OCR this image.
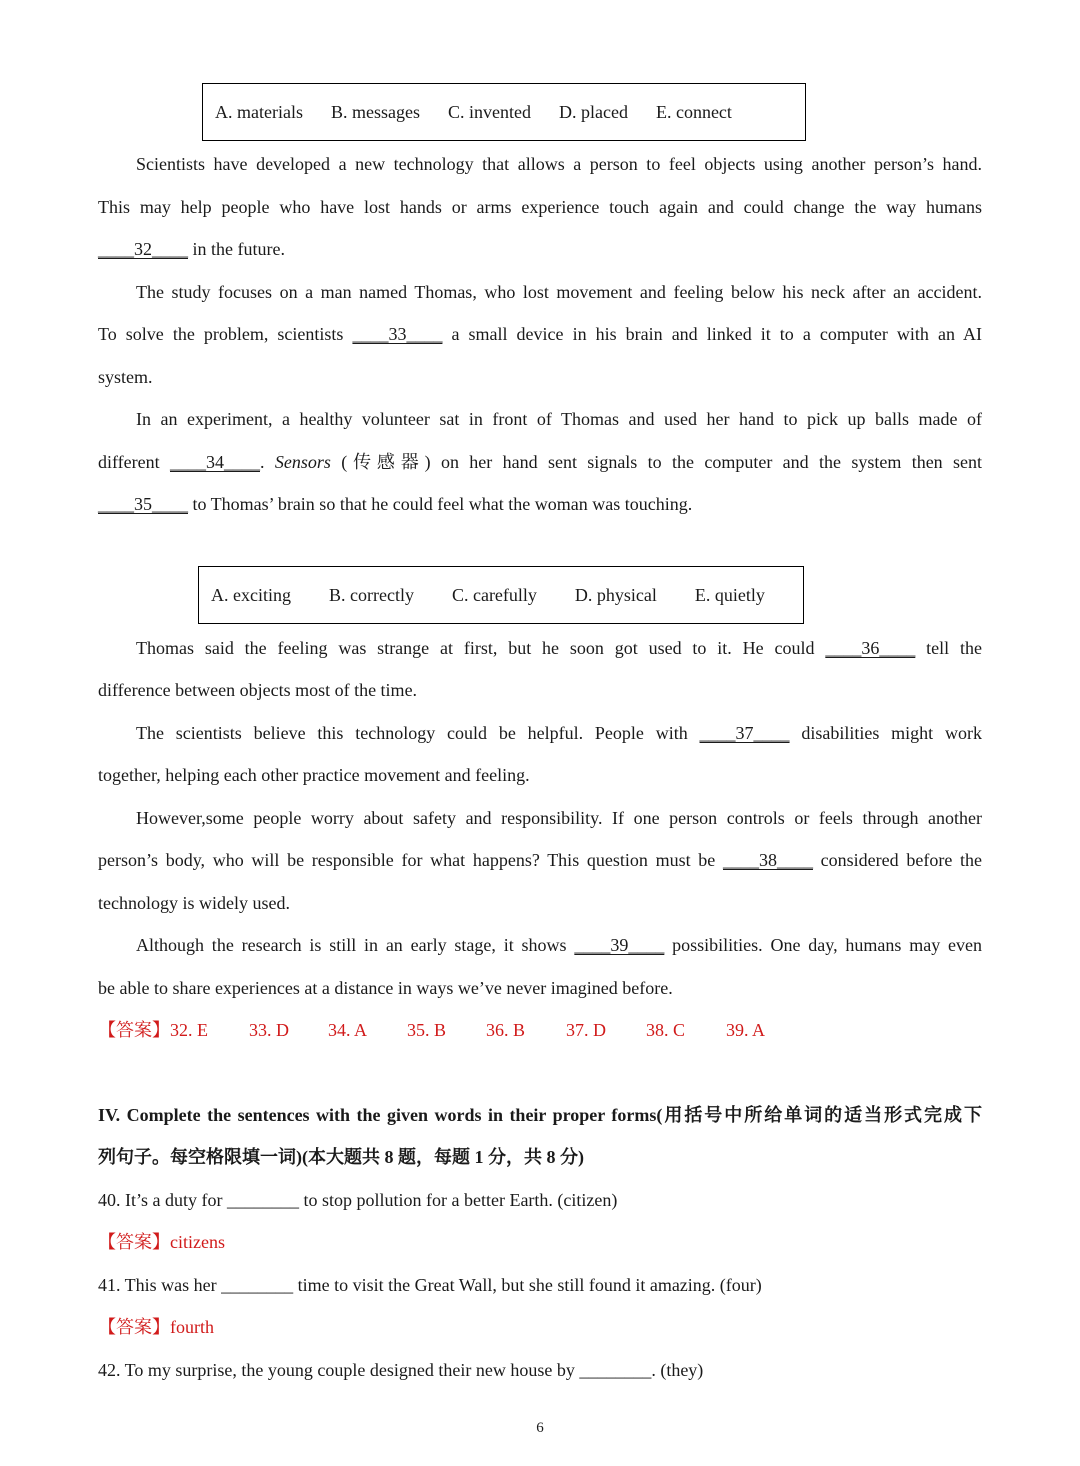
A. materials B. messages C. invented D. placed E. connect
Scientists have developed a new technology that allows a person to feel objects using another person’s hand.
This may help people who have lost hands or arms experience touch again and could change the way humans
____32____ in the future.
The study focuses on a man named Thomas, who lost movement and feeling below his neck after an accident.
To solve the problem, scientists ____33____ a small device in his brain and linked it to a computer with an AI
system.
In an experiment, a healthy volunteer sat in front of Thomas and used her hand to pick up balls made of
different ____34____. Sensors (传感器) on her hand sent signals to the computer and the system then sent
____35____ to Thomas’ brain so that he could feel what the woman was touching.
A. exciting B. correctly C. carefully D. physical E. quietly
Thomas said the feeling was strange at first, but he soon got used to it. He could ____36____ tell the
difference between objects most of the time.
The scientists believe this technology could be helpful. People with ____37____ disabilities might work
together, helping each other practice movement and feeling.
However,some people worry about safety and responsibility. If one person controls or feels through another
person’s body, who will be responsible for what happens? This question must be ____38____ considered before the
technology is widely used.
Although the research is still in an early stage, it shows ____39____ possibilities. One day, humans may even
be able to share experiences at a distance in ways we’ve never imagined before.
【答案】32. E 33. D 34. A 35. B 36. B 37. D 38. C 39. A
IV. Complete the sentences with the given words in their proper forms(用括号中所给单词的适当形式完成下
列句子。每空格限填一词)(本大题共 8 题，每题 1 分，共 8 分)
40. It’s a duty for ________ to stop pollution for a better Earth. (citizen)
【答案】citizens
41. This was her ________ time to visit the Great Wall, but she still found it amazing. (four)
【答案】fourth
42. To my surprise, the young couple designed their new house by ________. (they)
6
